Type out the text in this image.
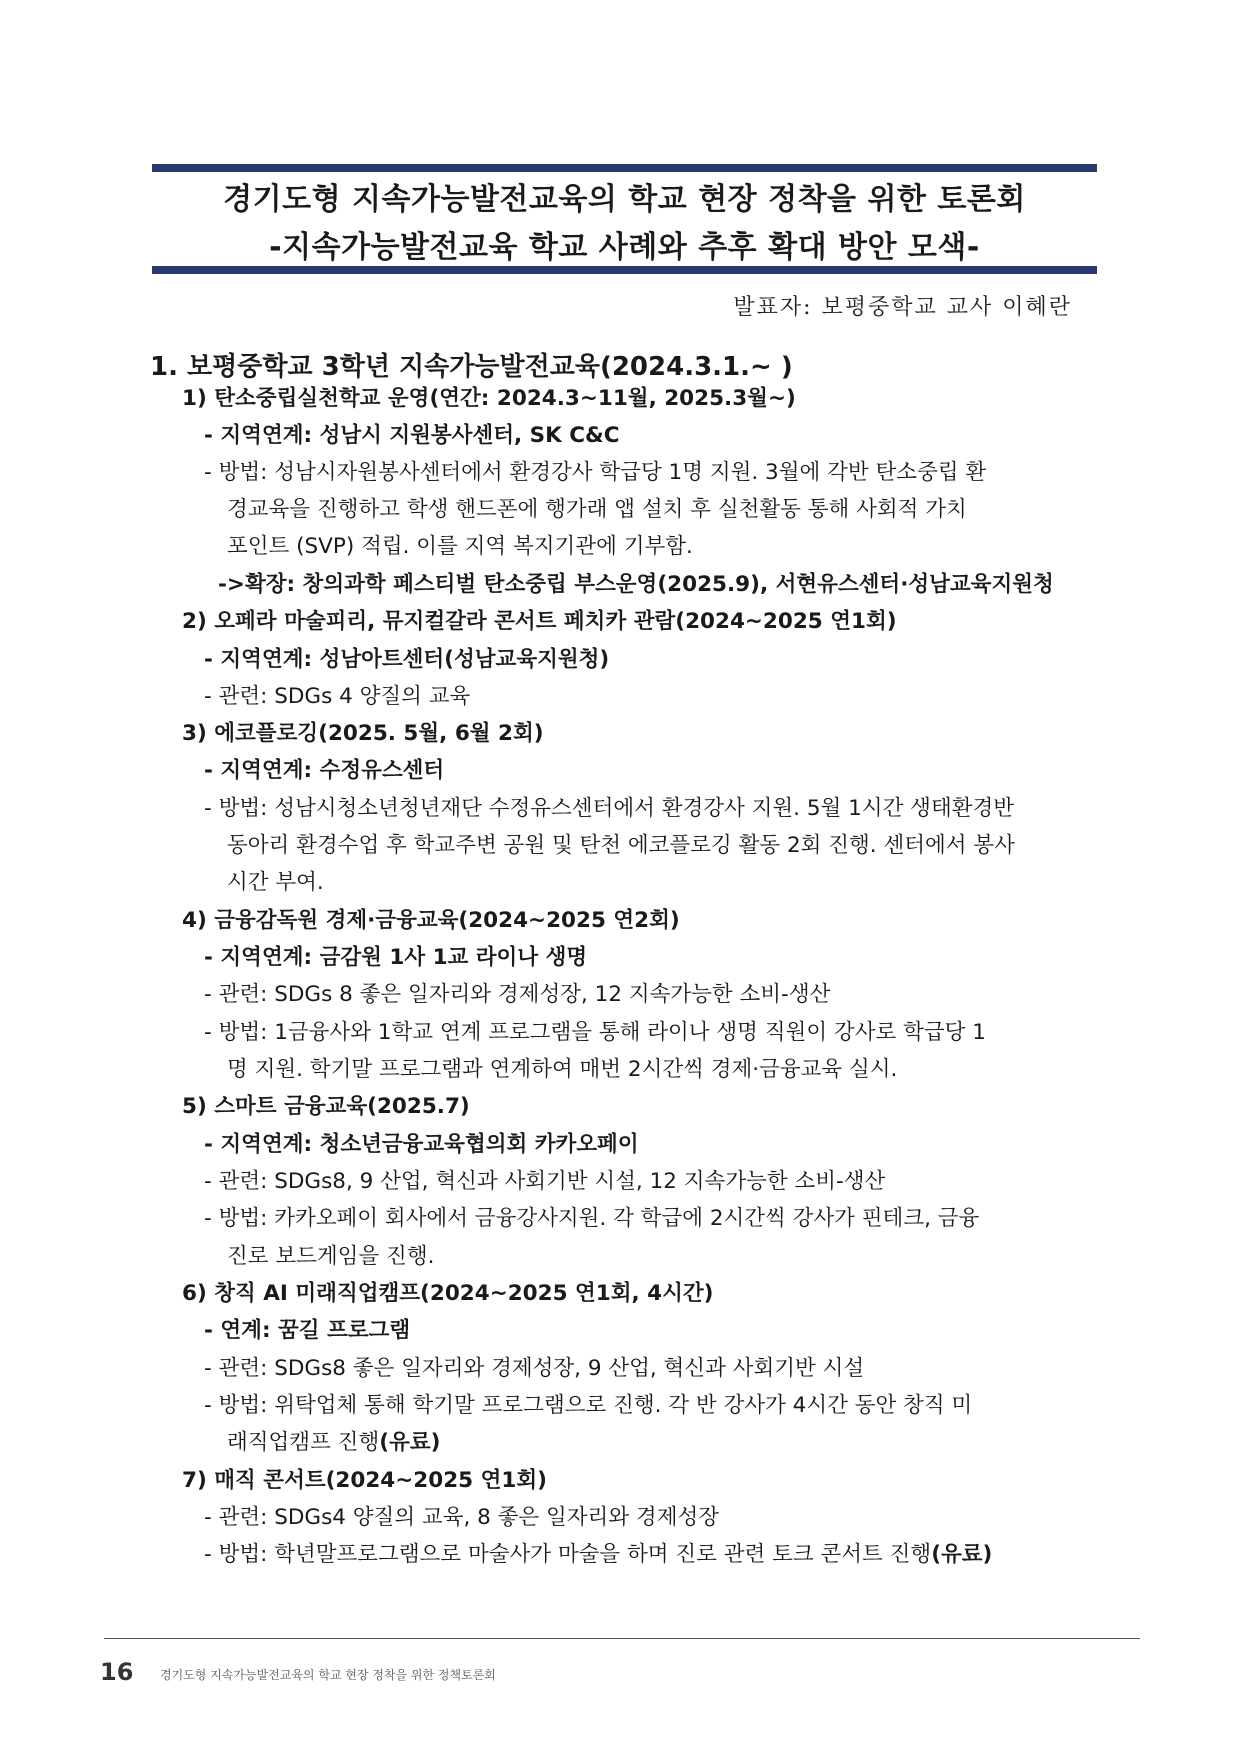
경기도형 지속가능발전교육의 학교 현장 정착을 위한 토론회
-지속가능발전교육 학교 사례와 추후 확대 방안 모색-
발표자: 보평중학교 교사 이혜란
1. 보평중학교 3학년 지속가능발전교육(2024.3.1.~ )
1) 탄소중립실천학교 운영(연간: 2024.3~11월, 2025.3월~)
- 지역연계: 성남시 지원봉사센터, SK C&C
- 방법: 성남시자원봉사센터에서 환경강사 학급당 1명 지원. 3월에 각반 탄소중립 환
경교육을 진행하고 학생 핸드폰에 행가래 앱 설치 후 실천활동 통해 사회적 가치
포인트 (SVP) 적립. 이를 지역 복지기관에 기부함.
->확장: 창의과학 페스티벌 탄소중립 부스운영(2025.9), 서현유스센터·성남교육지원청
2) 오페라 마술피리, 뮤지컬갈라 콘서트 페치카 관람(2024~2025 연1회)
- 지역연계: 성남아트센터(성남교육지원청)
- 관련: SDGs 4 양질의 교육
3) 에코플로깅(2025. 5월, 6월 2회)
- 지역연계: 수정유스센터
- 방법: 성남시청소년청년재단 수정유스센터에서 환경강사 지원. 5월 1시간 생태환경반
동아리 환경수업 후 학교주변 공원 및 탄천 에코플로깅 활동 2회 진행. 센터에서 봉사
시간 부여.
4) 금융감독원 경제·금융교육(2024~2025 연2회)
- 지역연계: 금감원 1사 1교 라이나 생명
- 관련: SDGs 8 좋은 일자리와 경제성장, 12 지속가능한 소비-생산
- 방법: 1금융사와 1학교 연계 프로그램을 통해 라이나 생명 직원이 강사로 학급당 1
명 지원. 학기말 프로그램과 연계하여 매번 2시간씩 경제·금융교육 실시.
5) 스마트 금융교육(2025.7)
- 지역연계: 청소년금융교육협의회 카카오페이
- 관련: SDGs8, 9 산업, 혁신과 사회기반 시설, 12 지속가능한 소비-생산
- 방법: 카카오페이 회사에서 금융강사지원. 각 학급에 2시간씩 강사가 핀테크, 금융
진로 보드게임을 진행.
6) 창직 AI 미래직업캠프(2024~2025 연1회, 4시간)
- 연계: 꿈길 프로그램
- 관련: SDGs8 좋은 일자리와 경제성장, 9 산업, 혁신과 사회기반 시설
- 방법: 위탁업체 통해 학기말 프로그램으로 진행. 각 반 강사가 4시간 동안 창직 미
래직업캠프 진행(유료)
7) 매직 콘서트(2024~2025 연1회)
- 관련: SDGs4 양질의 교육, 8 좋은 일자리와 경제성장
- 방법: 학년말프로그램으로 마술사가 마술을 하며 진로 관련 토크 콘서트 진행(유료)
16 경기도형 지속가능발전교육의 학교 현장 정착을 위한 정책토론회
